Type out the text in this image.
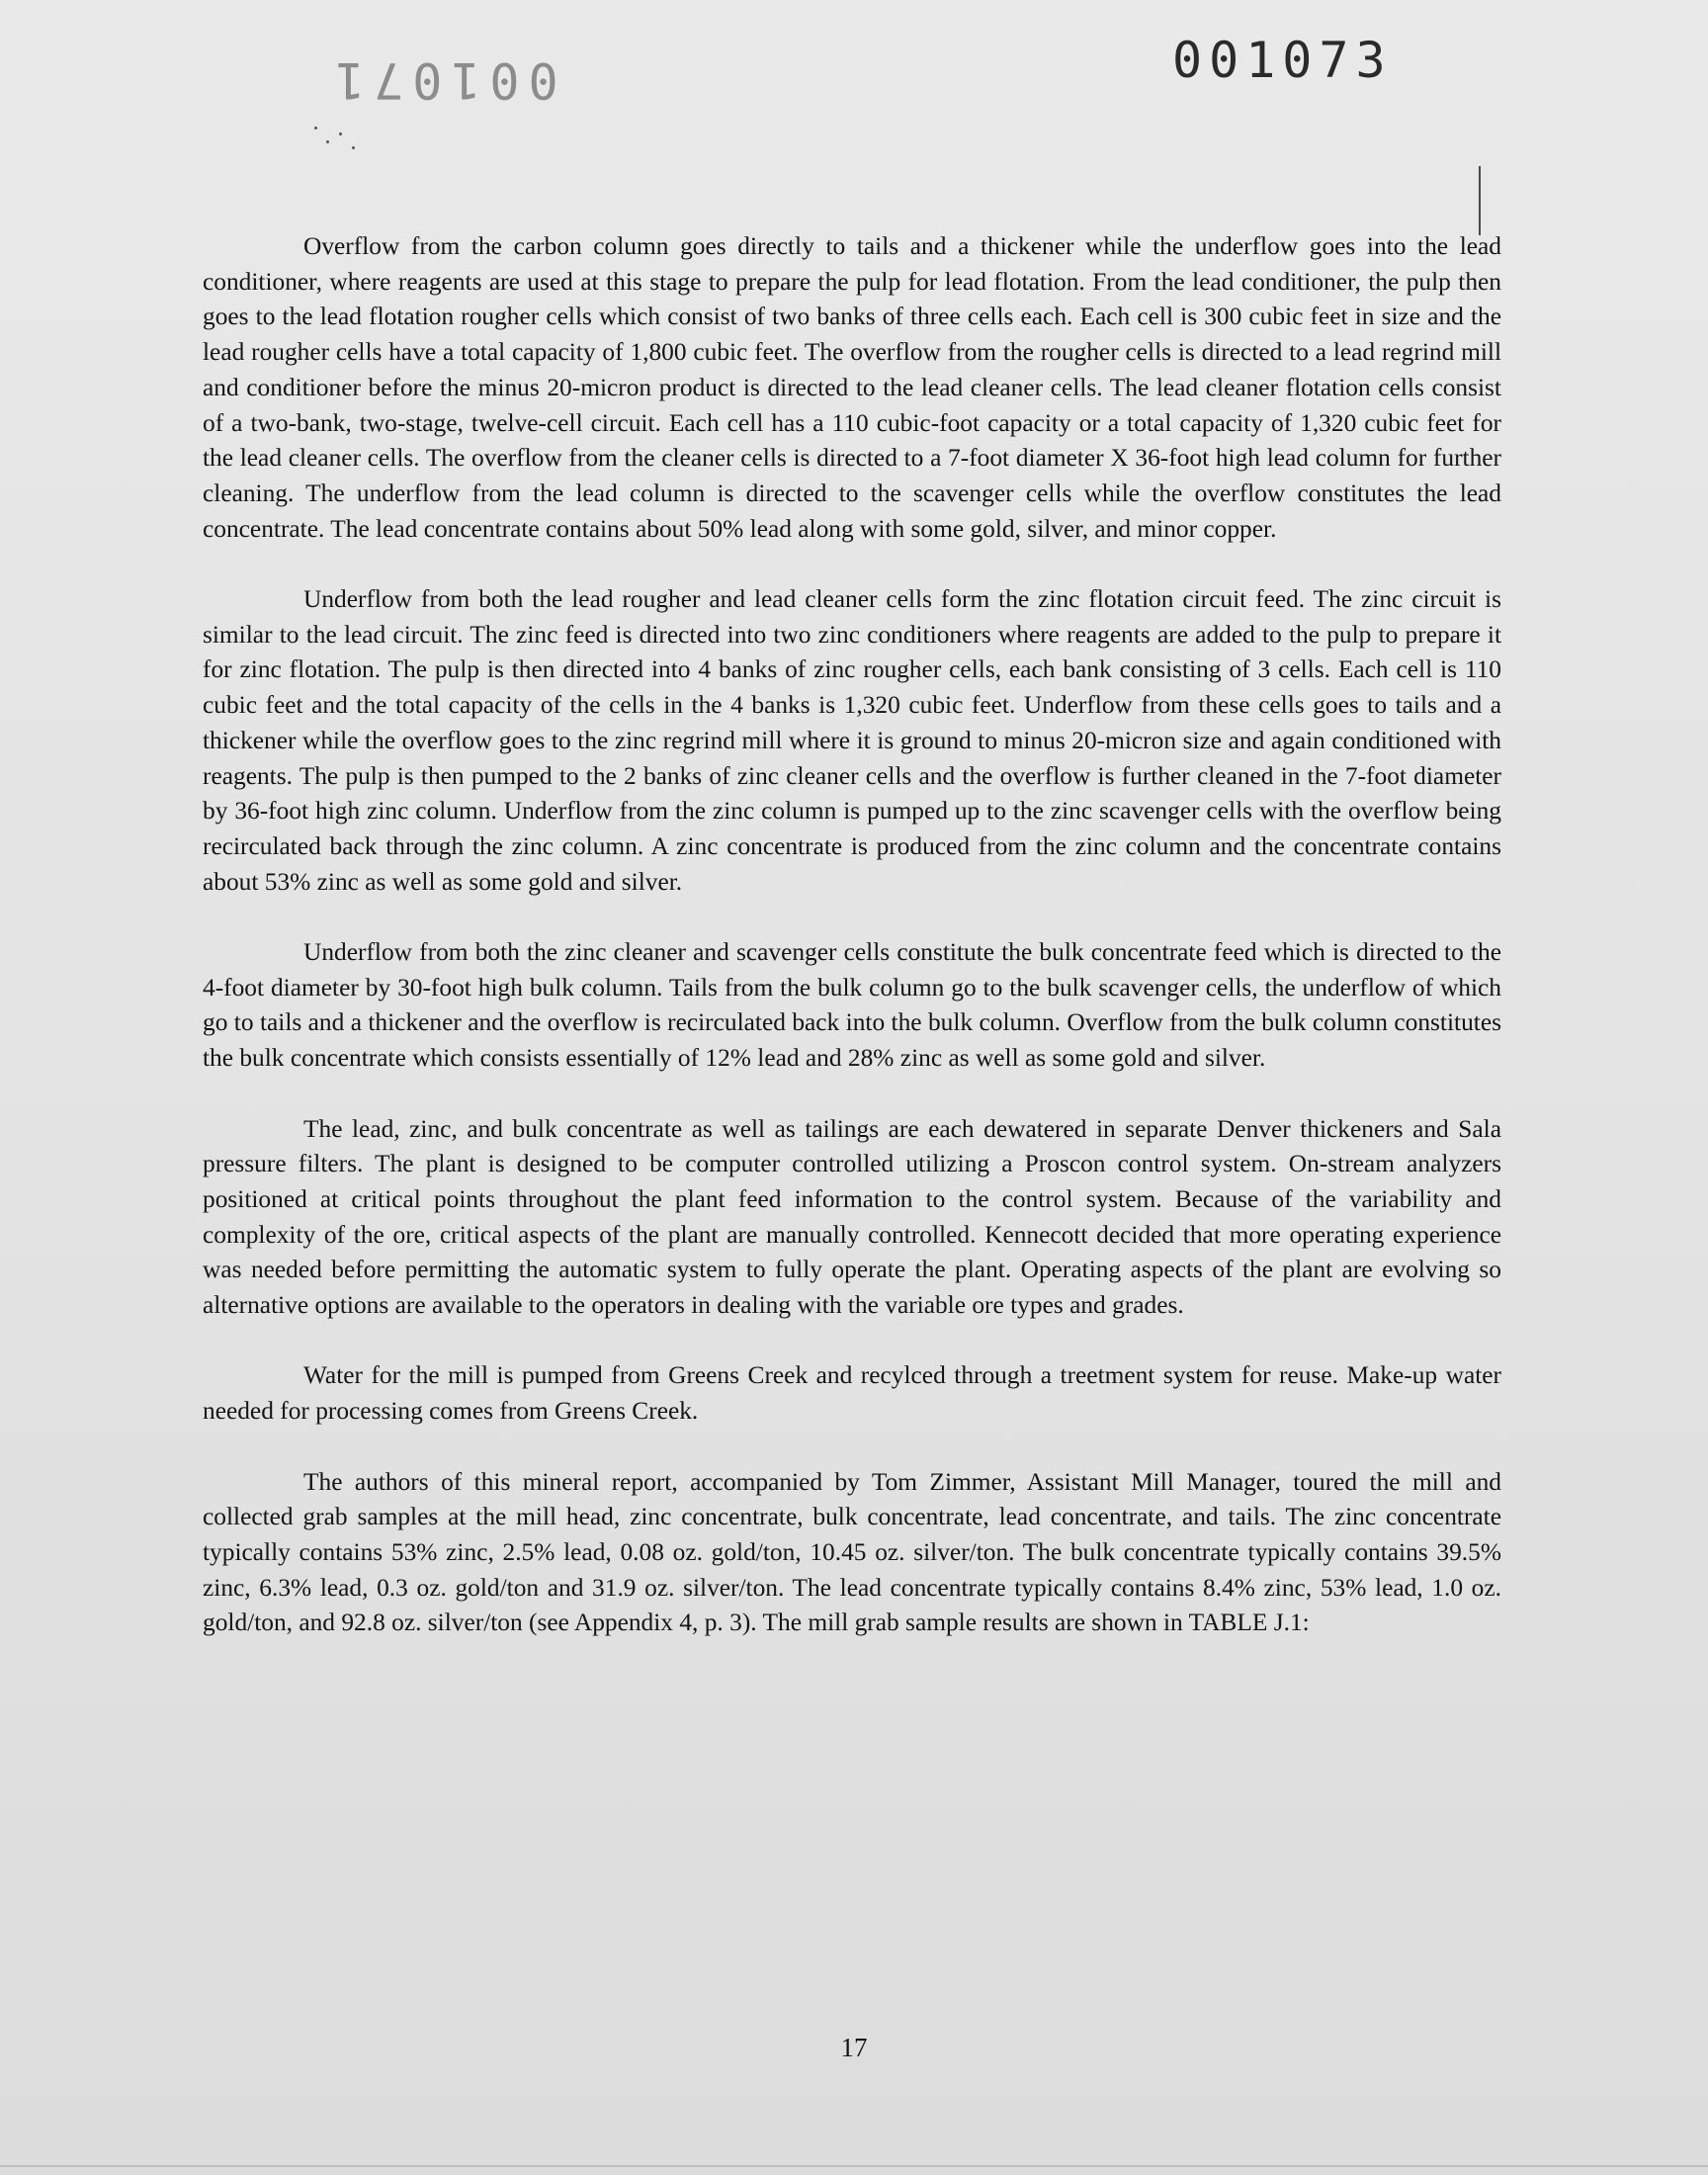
001071	001073

Overflow from the carbon column goes directly to tails and a thickener while the underflow goes into the lead conditioner, where reagents are used at this stage to prepare the pulp for lead flotation. From the lead conditioner, the pulp then goes to the lead flotation rougher cells which consist of two banks of three cells each. Each cell is 300 cubic feet in size and the lead rougher cells have a total capacity of 1,800 cubic feet. The overflow from the rougher cells is directed to a lead regrind mill and conditioner before the minus 20-micron product is directed to the lead cleaner cells. The lead cleaner flotation cells consist of a two-bank, two-stage, twelve-cell circuit. Each cell has a 110 cubic-foot capacity or a total capacity of 1,320 cubic feet for the lead cleaner cells. The overflow from the cleaner cells is directed to a 7-foot diameter X 36-foot high lead column for further cleaning. The underflow from the lead column is directed to the scavenger cells while the overflow constitutes the lead concentrate. The lead concentrate contains about 50% lead along with some gold, silver, and minor copper.

Underflow from both the lead rougher and lead cleaner cells form the zinc flotation circuit feed. The zinc circuit is similar to the lead circuit. The zinc feed is directed into two zinc conditioners where reagents are added to the pulp to prepare it for zinc flotation. The pulp is then directed into 4 banks of zinc rougher cells, each bank consisting of 3 cells. Each cell is 110 cubic feet and the total capacity of the cells in the 4 banks is 1,320 cubic feet. Underflow from these cells goes to tails and a thickener while the overflow goes to the zinc regrind mill where it is ground to minus 20-micron size and again conditioned with reagents. The pulp is then pumped to the 2 banks of zinc cleaner cells and the overflow is further cleaned in the 7-foot diameter by 36-foot high zinc column. Underflow from the zinc column is pumped up to the zinc scavenger cells with the overflow being recirculated back through the zinc column. A zinc concentrate is produced from the zinc column and the concentrate contains about 53% zinc as well as some gold and silver.

Underflow from both the zinc cleaner and scavenger cells constitute the bulk concentrate feed which is directed to the 4-foot diameter by 30-foot high bulk column. Tails from the bulk column go to the bulk scavenger cells, the underflow of which go to tails and a thickener and the overflow is recirculated back into the bulk column. Overflow from the bulk column constitutes the bulk concentrate which consists essentially of 12% lead and 28% zinc as well as some gold and silver.

The lead, zinc, and bulk concentrate as well as tailings are each dewatered in separate Denver thickeners and Sala pressure filters. The plant is designed to be computer controlled utilizing a Proscon control system. On-stream analyzers positioned at critical points throughout the plant feed information to the control system. Because of the variability and complexity of the ore, critical aspects of the plant are manually controlled. Kennecott decided that more operating experience was needed before permitting the automatic system to fully operate the plant. Operating aspects of the plant are evolving so alternative options are available to the operators in dealing with the variable ore types and grades.

Water for the mill is pumped from Greens Creek and recylced through a treetment system for reuse. Make-up water needed for processing comes from Greens Creek.

The authors of this mineral report, accompanied by Tom Zimmer, Assistant Mill Manager, toured the mill and collected grab samples at the mill head, zinc concentrate, bulk concentrate, lead concentrate, and tails. The zinc concentrate typically contains 53% zinc, 2.5% lead, 0.08 oz. gold/ton, 10.45 oz. silver/ton. The bulk concentrate typically contains 39.5% zinc, 6.3% lead, 0.3 oz. gold/ton and 31.9 oz. silver/ton. The lead concentrate typically contains 8.4% zinc, 53% lead, 1.0 oz. gold/ton, and 92.8 oz. silver/ton (see Appendix 4, p. 3). The mill grab sample results are shown in TABLE J.1:

17
